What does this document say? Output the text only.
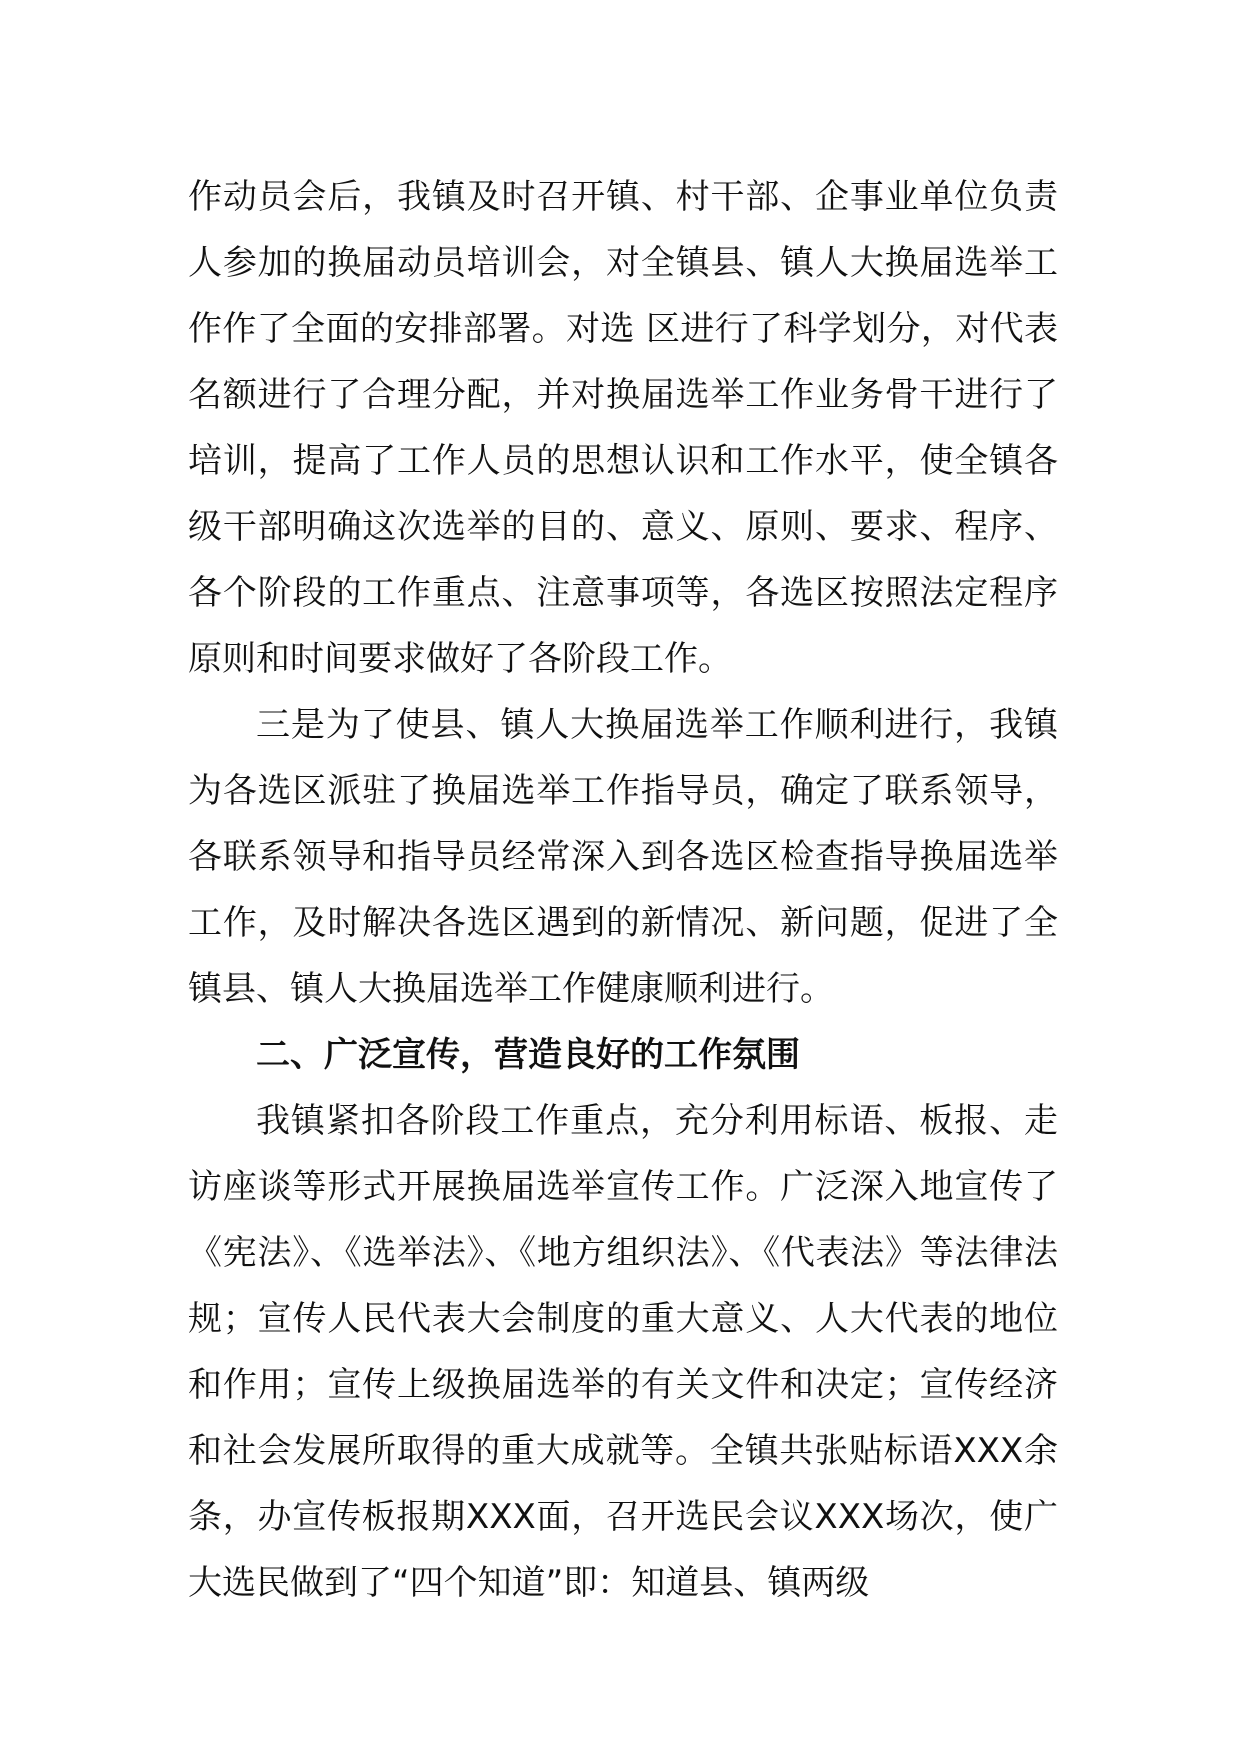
作动员会后，我镇及时召开镇、村干部、企事业单位负责人参加的换届动员培训会，对全镇县、镇人大换届选举工作作了全面的安排部署。对选 区进行了科学划分，对代表名额进行了合理分配，并对换届选举工作业务骨干进行了培训，提高了工作人员的思想认识和工作水平，使全镇各级干部明确这次选举的目的、意义、原则、要求、程序、各个阶段的工作重点、注意事项等，各选区按照法定程序原则和时间要求做好了各阶段工作。

三是为了使县、镇人大换届选举工作顺利进行，我镇为各选区派驻了换届选举工作指导员，确定了联系领导，各联系领导和指导员经常深入到各选区检查指导换届选举工作，及时解决各选区遇到的新情况、新问题，促进了全镇县、镇人大换届选举工作健康顺利进行。

二、广泛宣传，营造良好的工作氛围

我镇紧扣各阶段工作重点，充分利用标语、板报、走访座谈等形式开展换届选举宣传工作。广泛深入地宣传了《宪法》、《选举法》、《地方组织法》、《代表法》等法律法规；宣传人民代表大会制度的重大意义、人大代表的地位和作用；宣传上级换届选举的有关文件和决定；宣传经济和社会发展所取得的重大成就等。全镇共张贴标语XXX余条，办宣传板报期XXX面，召开选民会议XXX场次，使广大选民做到了“四个知道”即：知道县、镇两级
